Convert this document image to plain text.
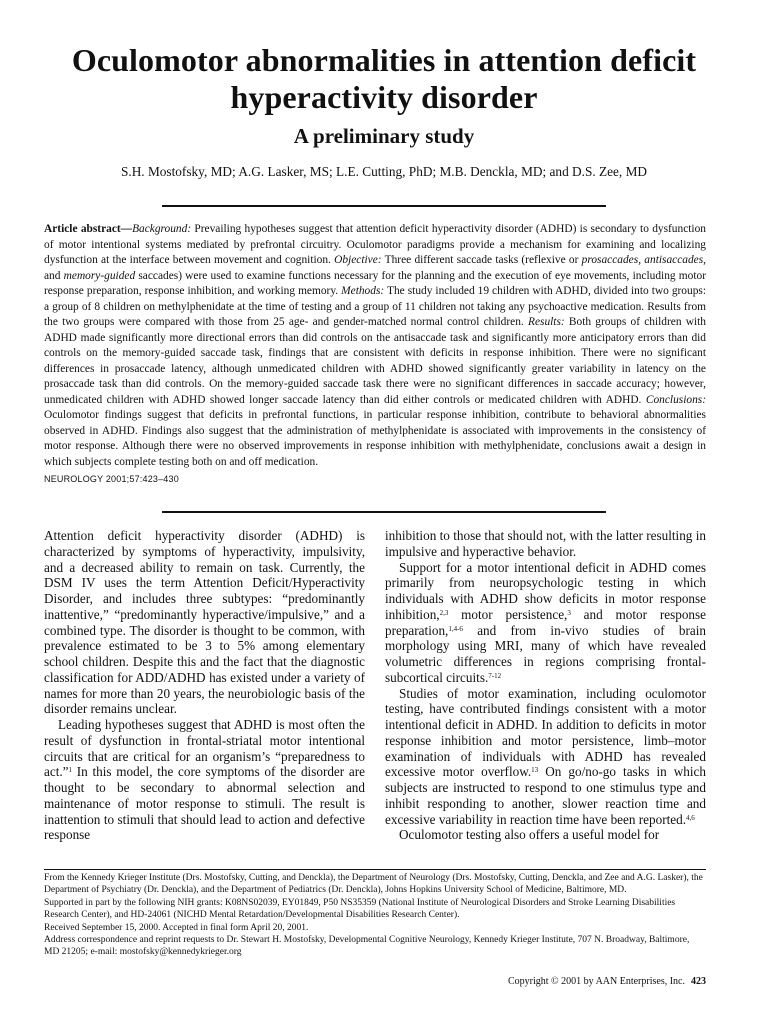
Oculomotor abnormalities in attention deficit hyperactivity disorder
A preliminary study
S.H. Mostofsky, MD; A.G. Lasker, MS; L.E. Cutting, PhD; M.B. Denckla, MD; and D.S. Zee, MD

Article abstract—Background: Prevailing hypotheses suggest that attention deficit hyperactivity disorder (ADHD) is secondary to dysfunction of motor intentional systems mediated by prefrontal circuitry. Oculomotor paradigms provide a mechanism for examining and localizing dysfunction at the interface between movement and cognition. Objective: Three different saccade tasks (reflexive or prosaccades, antisaccades, and memory-guided saccades) were used to examine functions necessary for the planning and the execution of eye movements, including motor response preparation, response inhibition, and working memory. Methods: The study included 19 children with ADHD, divided into two groups: a group of 8 children on methylphenidate at the time of testing and a group of 11 children not taking any psychoactive medication. Results from the two groups were compared with those from 25 age- and gender-matched normal control children. Results: Both groups of children with ADHD made significantly more directional errors than did controls on the antisaccade task and significantly more anticipatory errors than did controls on the memory-guided saccade task, findings that are consistent with deficits in response inhibition. There were no significant differences in prosaccade latency, although unmedicated children with ADHD showed significantly greater variability in latency on the prosaccade task than did controls. On the memory-guided saccade task there were no significant differences in saccade accuracy; however, unmedicated children with ADHD showed longer saccade latency than did either controls or medicated children with ADHD. Conclusions: Oculomotor findings suggest that deficits in prefrontal functions, in particular response inhibition, contribute to behavioral abnormalities observed in ADHD. Findings also suggest that the administration of methylphenidate is associated with improvements in the consistency of motor response. Although there were no observed improvements in response inhibition with methylphenidate, conclusions await a design in which subjects complete testing both on and off medication.

NEUROLOGY 2001;57:423–430

Attention deficit hyperactivity disorder (ADHD) is characterized by symptoms of hyperactivity, impulsivity, and a decreased ability to remain on task. Currently, the DSM IV uses the term Attention Deficit/Hyperactivity Disorder, and includes three subtypes: “predominantly inattentive,” “predominantly hyperactive/impulsive,” and a combined type. The disorder is thought to be common, with prevalence estimated to be 3 to 5% among elementary school children. Despite this and the fact that the diagnostic classification for ADD/ADHD has existed under a variety of names for more than 20 years, the neurobiologic basis of the disorder remains unclear.

Leading hypotheses suggest that ADHD is most often the result of dysfunction in frontal-striatal motor intentional circuits that are critical for an organism’s “preparedness to act.”$^1$ In this model, the core symptoms of the disorder are thought to be secondary to abnormal selection and maintenance of motor response to stimuli. The result is inattention to stimuli that should lead to action and defective response

inhibition to those that should not, with the latter resulting in impulsive and hyperactive behavior.

Support for a motor intentional deficit in ADHD comes primarily from neuropsychologic testing in which individuals with ADHD show deficits in motor response inhibition,$^{2,3}$ motor persistence,$^3$ and motor response preparation,$^{1,4-6}$ and from in-vivo studies of brain morphology using MRI, many of which have revealed volumetric differences in regions comprising frontal-subcortical circuits.$^{7-12}$

Studies of motor examination, including oculomotor testing, have contributed findings consistent with a motor intentional deficit in ADHD. In addition to deficits in motor response inhibition and motor persistence, limb–motor examination of individuals with ADHD has revealed excessive motor overflow.$^{13}$ On go/no-go tasks in which subjects are instructed to respond to one stimulus type and inhibit responding to another, slower reaction time and excessive variability in reaction time have been reported.$^{4,6}$

Oculomotor testing also offers a useful model for

From the Kennedy Krieger Institute (Drs. Mostofsky, Cutting, and Denckla), the Department of Neurology (Drs. Mostofsky, Cutting, Denckla, and Zee and A.G. Lasker), the Department of Psychiatry (Dr. Denckla), and the Department of Pediatrics (Dr. Denckla), Johns Hopkins University School of Medicine, Baltimore, MD.

Supported in part by the following NIH grants: K08NS02039, EY01849, P50 NS35359 (National Institute of Neurological Disorders and Stroke Learning Disabilities Research Center), and HD-24061 (NICHD Mental Retardation/Developmental Disabilities Research Center).

Received September 15, 2000. Accepted in final form April 20, 2001.

Address correspondence and reprint requests to Dr. Stewart H. Mostofsky, Developmental Cognitive Neurology, Kennedy Krieger Institute, 707 N. Broadway, Baltimore, MD 21205; e-mail: mostofsky@kennedykrieger.org

Copyright © 2001 by AAN Enterprises, Inc. 423
